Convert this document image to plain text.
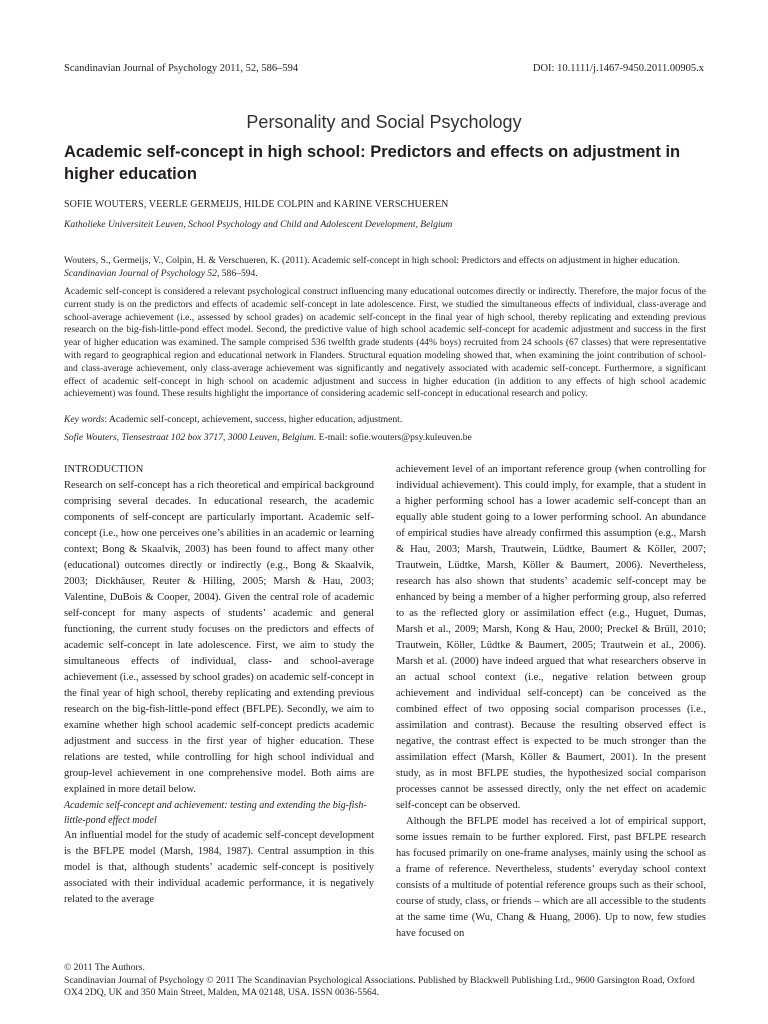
Scandinavian Journal of Psychology 2011, 52, 586–594	DOI: 10.1111/j.1467-9450.2011.00905.x
Personality and Social Psychology
Academic self-concept in high school: Predictors and effects on adjustment in higher education
SOFIE WOUTERS, VEERLE GERMEIJS, HILDE COLPIN and KARINE VERSCHUEREN
Katholieke Universiteit Leuven, School Psychology and Child and Adolescent Development, Belgium
Wouters, S., Germeijs, V., Colpin, H. & Verschueren, K. (2011). Academic self-concept in high school: Predictors and effects on adjustment in higher education. Scandinavian Journal of Psychology 52, 586–594.
Academic self-concept is considered a relevant psychological construct influencing many educational outcomes directly or indirectly. Therefore, the major focus of the current study is on the predictors and effects of academic self-concept in late adolescence. First, we studied the simultaneous effects of individual, class-average and school-average achievement (i.e., assessed by school grades) on academic self-concept in the final year of high school, thereby replicating and extending previous research on the big-fish-little-pond effect model. Second, the predictive value of high school academic self-concept for academic adjustment and success in the first year of higher education was examined. The sample comprised 536 twelfth grade students (44% boys) recruited from 24 schools (67 classes) that were representative with regard to geographical region and educational network in Flanders. Structural equation modeling showed that, when examining the joint contribution of school- and class-average achievement, only class-average achievement was significantly and negatively associated with academic self-concept. Furthermore, a significant effect of academic self-concept in high school on academic adjustment and success in higher education (in addition to any effects of high school academic achievement) was found. These results highlight the importance of considering academic self-concept in educational research and policy.
Key words: Academic self-concept, achievement, success, higher education, adjustment.
Sofie Wouters, Tiensestraat 102 box 3717, 3000 Leuven, Belgium. E-mail: sofie.wouters@psy.kuleuven.be

INTRODUCTION

Research on self-concept has a rich theoretical and empirical background comprising several decades. In educational research, the academic components of self-concept are particularly important. Academic self-concept (i.e., how one perceives one’s abilities in an academic or learning context; Bong & Skaalvik, 2003) has been found to affect many other (educational) outcomes directly or indirectly (e.g., Bong & Skaalvik, 2003; Dickhäuser, Reuter & Hilling, 2005; Marsh & Hau, 2003; Valentine, DuBois & Cooper, 2004). Given the central role of academic self-concept for many aspects of students’ academic and general functioning, the current study focuses on the predictors and effects of academic self-concept in late adolescence. First, we aim to study the simultaneous effects of individual, class- and school-average achievement (i.e., assessed by school grades) on academic self-concept in the final year of high school, thereby replicating and extending previous research on the big-fish-little-pond effect (BFLPE). Secondly, we aim to examine whether high school academic self-concept predicts academic adjustment and success in the first year of higher education. These relations are tested, while controlling for high school individual and group-level achievement in one comprehensive model. Both aims are explained in more detail below.

Academic self-concept and achievement: testing and extending the big-fish-little-pond effect model

An influential model for the study of academic self-concept development is the BFLPE model (Marsh, 1984, 1987). Central assumption in this model is that, although students’ academic self-concept is positively associated with their individual academic performance, it is negatively related to the average

achievement level of an important reference group (when controlling for individual achievement). This could imply, for example, that a student in a higher performing school has a lower academic self-concept than an equally able student going to a lower performing school. An abundance of empirical studies have already confirmed this assumption (e.g., Marsh & Hau, 2003; Marsh, Trautwein, Lüdtke, Baumert & Köller, 2007; Trautwein, Lüdtke, Marsh, Köller & Baumert, 2006). Nevertheless, research has also shown that students’ academic self-concept may be enhanced by being a member of a higher performing group, also referred to as the reflected glory or assimilation effect (e.g., Huguet, Dumas, Marsh et al., 2009; Marsh, Kong & Hau, 2000; Preckel & Brüll, 2010; Trautwein, Köller, Lüdtke & Baumert, 2005; Trautwein et al., 2006). Marsh et al. (2000) have indeed argued that what researchers observe in an actual school context (i.e., negative relation between group achievement and individual self-concept) can be conceived as the combined effect of two opposing social comparison processes (i.e., assimilation and contrast). Because the resulting observed effect is negative, the contrast effect is expected to be much stronger than the assimilation effect (Marsh, Köller & Baumert, 2001). In the present study, as in most BFLPE studies, the hypothesized social comparison processes cannot be assessed directly, only the net effect on academic self-concept can be observed.

Although the BFLPE model has received a lot of empirical support, some issues remain to be further explored. First, past BFLPE research has focused primarily on one-frame analyses, mainly using the school as a frame of reference. Nevertheless, students’ everyday school context consists of a multitude of potential reference groups such as their school, course of study, class, or friends – which are all accessible to the students at the same time (Wu, Chang & Huang, 2006). Up to now, few studies have focused on

© 2011 The Authors.
Scandinavian Journal of Psychology © 2011 The Scandinavian Psychological Associations. Published by Blackwell Publishing Ltd., 9600 Garsington Road, Oxford OX4 2DQ, UK and 350 Main Street, Malden, MA 02148, USA. ISSN 0036-5564.
